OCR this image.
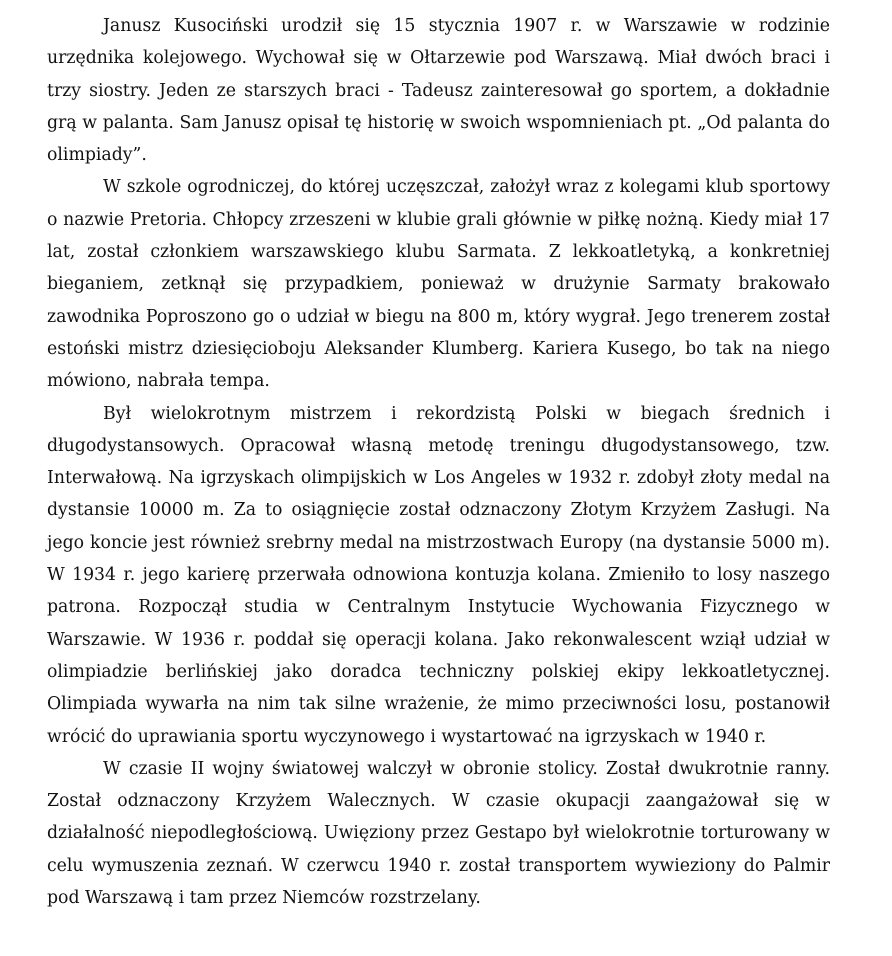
Janusz Kusociński urodził się 15 stycznia 1907 r. w Warszawie w rodzinie urzędnika kolejowego. Wychował się w Ołtarzewie pod Warszawą. Miał dwóch braci i trzy siostry. Jeden ze starszych braci - Tadeusz zainteresował go sportem, a dokładnie grą w palanta. Sam Janusz opisał tę historię w swoich wspomnieniach pt. „Od palanta do olimpiady”.

W szkole ogrodniczej, do której uczęszczał, założył wraz z kolegami klub sportowy o nazwie Pretoria. Chłopcy zrzeszeni w klubie grali głównie w piłkę nożną. Kiedy miał 17 lat, został członkiem warszawskiego klubu Sarmata. Z lekkoatletyką, a konkretniej bieganiem, zetknął się przypadkiem, ponieważ w drużynie Sarmaty brakowało zawodnika Poproszono go o udział w biegu na 800 m, który wygrał. Jego trenerem został estoński mistrz dziesięcioboju Aleksander Klumberg. Kariera Kusego, bo tak na niego mówiono, nabrała tempa.

Był wielokrotnym mistrzem i rekordzistą Polski w biegach średnich i długodystansowych. Opracował własną metodę treningu długodystansowego, tzw. Interwałową. Na igrzyskach olimpijskich w Los Angeles w 1932 r. zdobył złoty medal na dystansie 10000 m. Za to osiągnięcie został odznaczony Złotym Krzyżem Zasługi. Na jego koncie jest również srebrny medal na mistrzostwach Europy (na dystansie 5000 m). W 1934 r. jego karierę przerwała odnowiona kontuzja kolana. Zmieniło to losy naszego patrona. Rozpoczął studia w Centralnym Instytucie Wychowania Fizycznego w Warszawie. W 1936 r. poddał się operacji kolana. Jako rekonwalescent wziął udział w olimpiadzie berlińskiej jako doradca techniczny polskiej ekipy lekkoatletycznej. Olimpiada wywarła na nim tak silne wrażenie, że mimo przeciwności losu, postanowił wrócić do uprawiania sportu wyczynowego i wystartować na igrzyskach w 1940 r.

W czasie II wojny światowej walczył w obronie stolicy. Został dwukrotnie ranny. Został odznaczony Krzyżem Walecznych. W czasie okupacji zaangażował się w działalność niepodległościową. Uwięziony przez Gestapo był wielokrotnie torturowany w celu wymuszenia zeznań. W czerwcu 1940 r. został transportem wywieziony do Palmir pod Warszawą i tam przez Niemców rozstrzelany.
